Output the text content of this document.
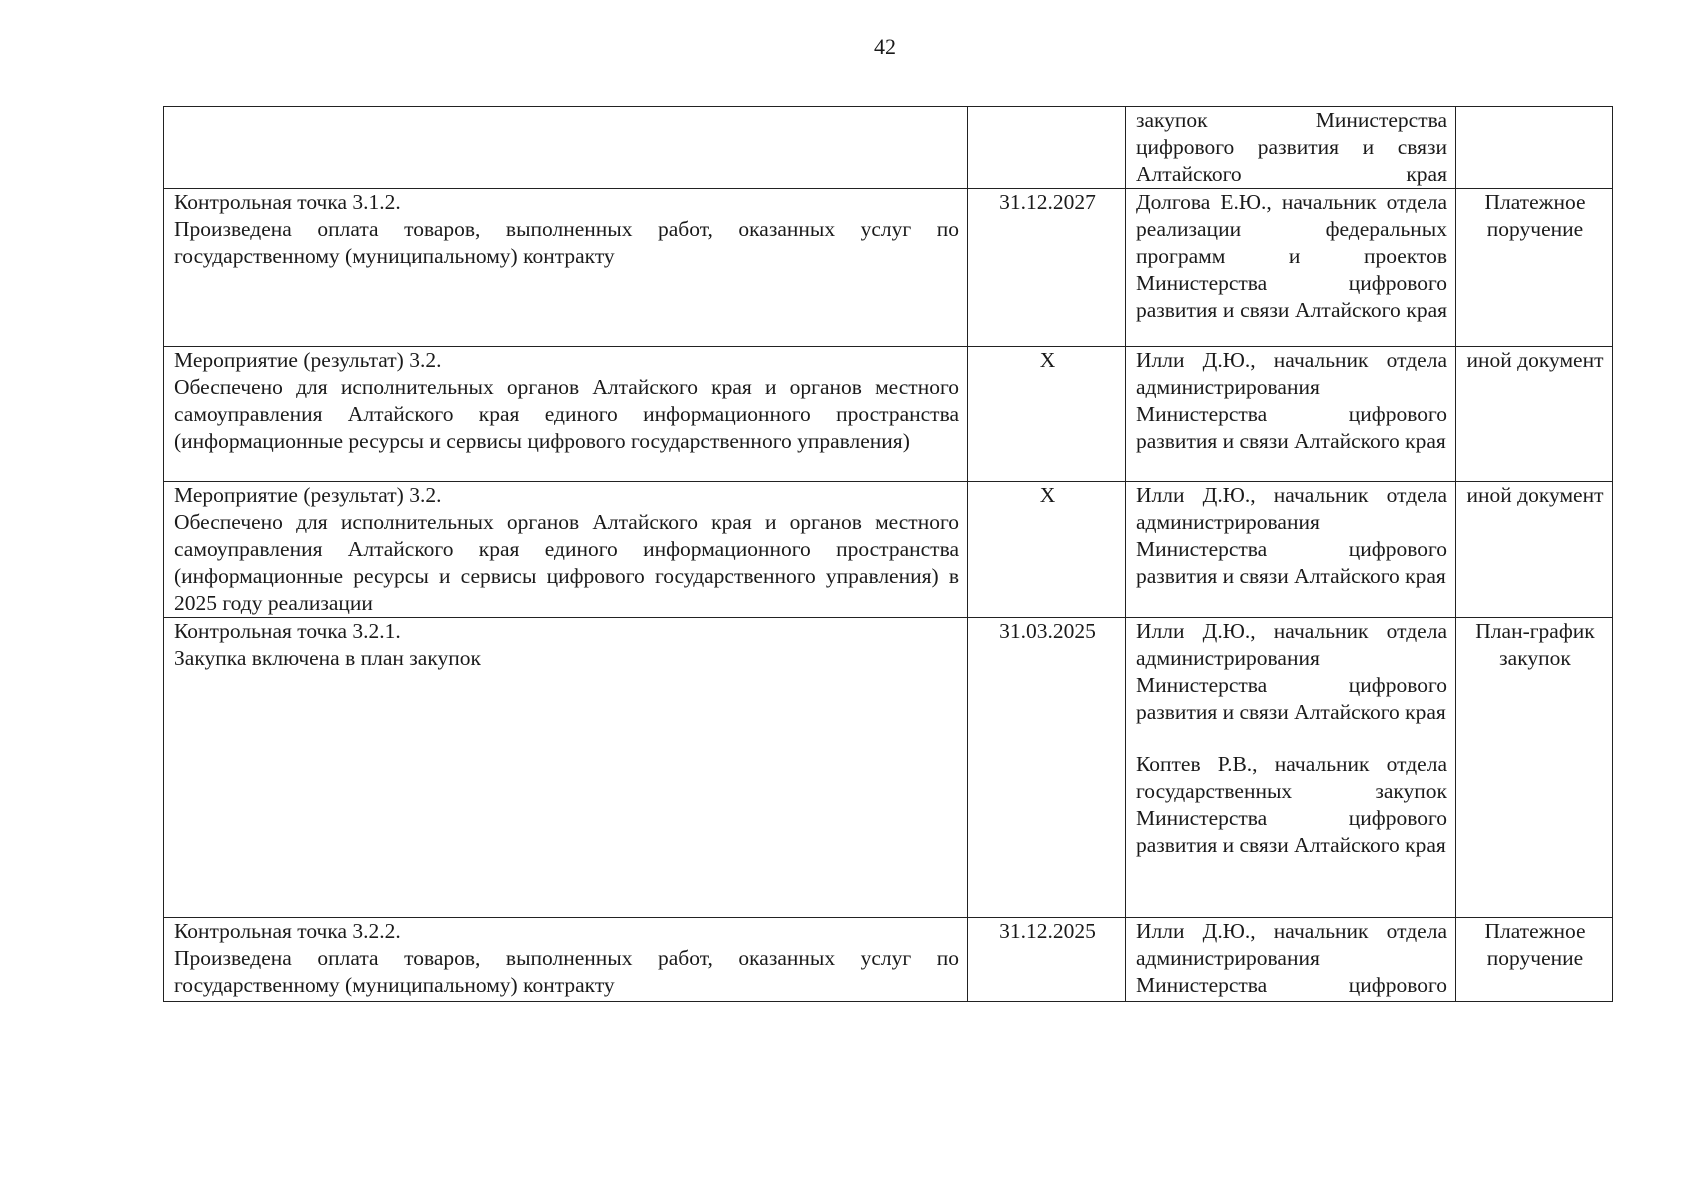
42
		закупок Министерства цифрового развития и связи Алтайского края	

Контрольная точка 3.1.2.
Произведена оплата товаров, выполненных работ, оказанных услуг по государственному (муниципальному) контракту	31.12.2027	Долгова Е.Ю., начальник отдела реализации федеральных программ и проектов Министерства цифрового развития и связи Алтайского края	Платежное поручение

Мероприятие (результат) 3.2.
Обеспечено для исполнительных органов Алтайского края и органов местного самоуправления Алтайского края единого информационного пространства (информационные ресурсы и сервисы цифрового государственного управления)	Х	Илли Д.Ю., начальник отдела администрирования Министерства цифрового развития и связи Алтайского края	иной документ

Мероприятие (результат) 3.2.
Обеспечено для исполнительных органов Алтайского края и органов местного самоуправления Алтайского края единого информационного пространства (информационные ресурсы и сервисы цифрового государственного управления) в 2025 году реализации	Х	Илли Д.Ю., начальник отдела администрирования Министерства цифрового развития и связи Алтайского края	иной документ

Контрольная точка 3.2.1.
Закупка включена в план закупок	31.03.2025	Илли Д.Ю., начальник отдела администрирования Министерства цифрового развития и связи Алтайского края
Коптев Р.В., начальник отдела государственных закупок Министерства цифрового развития и связи Алтайского края	План-график закупок

Контрольная точка 3.2.2.
Произведена оплата товаров, выполненных работ, оказанных услуг по государственному (муниципальному) контракту	31.12.2025	Илли Д.Ю., начальник отдела администрирования Министерства цифрового	Платежное поручение
